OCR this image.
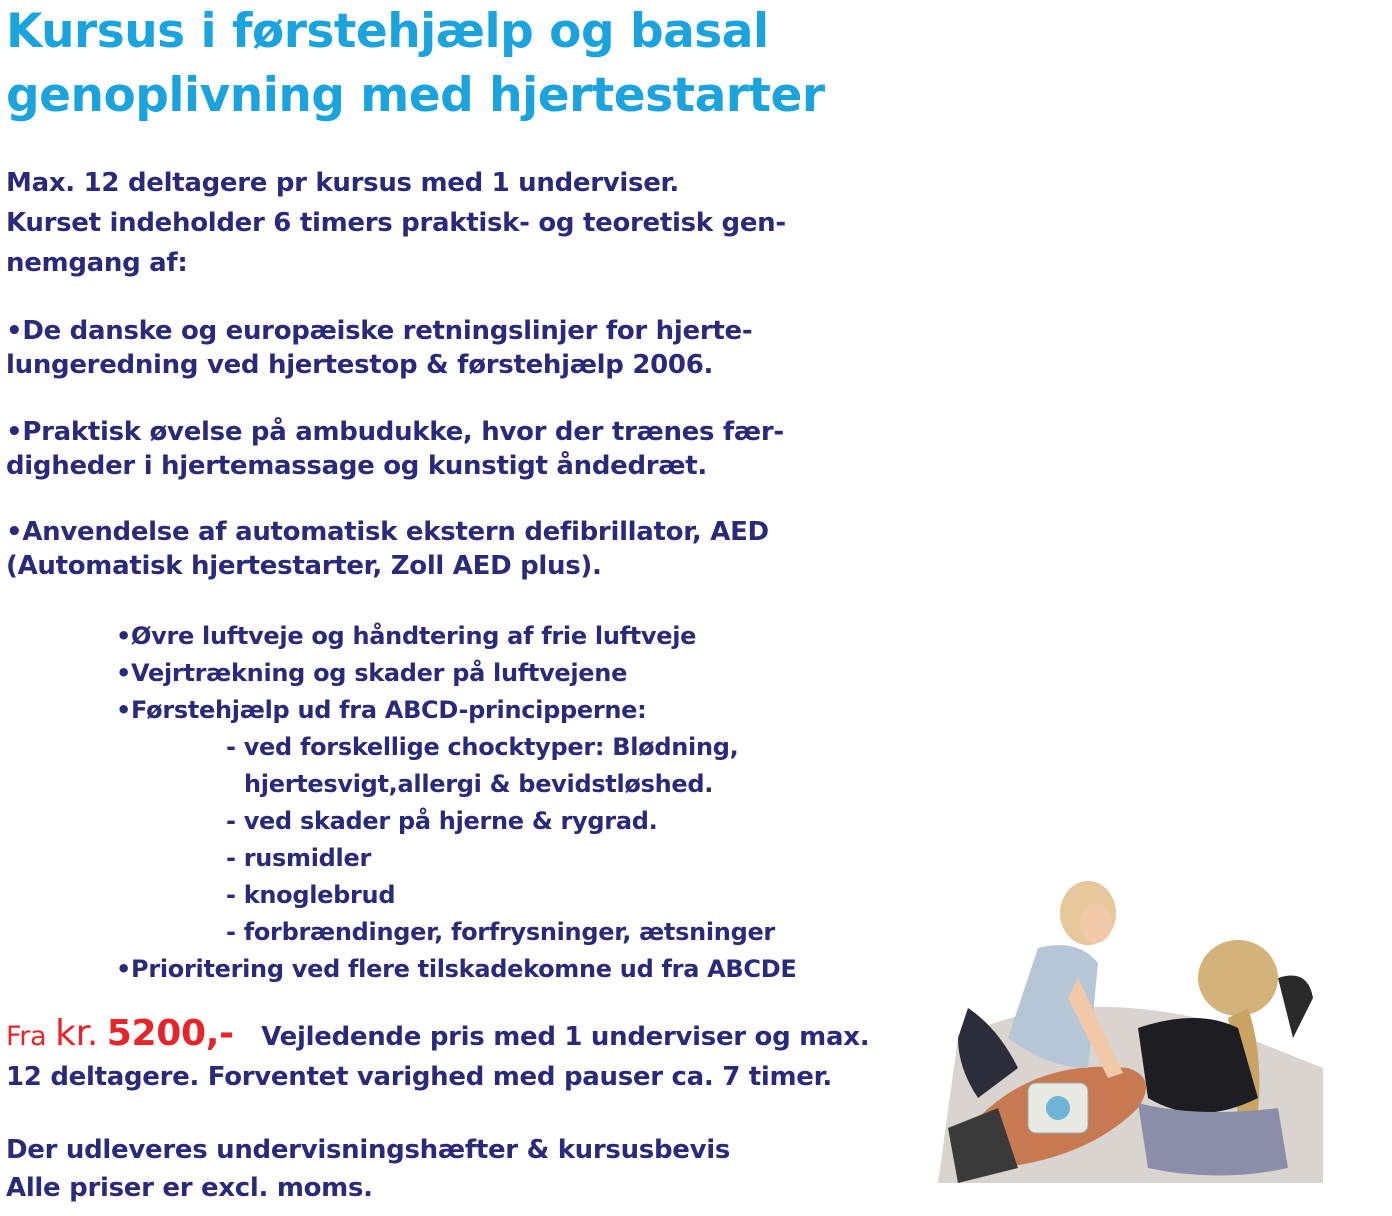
Kursus i førstehjælp og basal
genoplivning med hjertestarter
Max. 12 deltagere pr kursus med 1 underviser.
Kurset indeholder 6 timers praktisk- og teoretisk gen-
nemgang af:
•De danske og europæiske retningslinjer for hjerte-
lungeredning ved hjertestop & førstehjælp 2006.
•Praktisk øvelse på ambudukke, hvor der trænes fær-
digheder i hjertemassage og kunstigt åndedræt.
•Anvendelse af automatisk ekstern defibrillator, AED
(Automatisk hjertestarter, Zoll AED plus).
•Øvre luftveje og håndtering af frie luftveje
•Vejrtrækning og skader på luftvejene
•Førstehjælp ud fra ABCD-principperne:
- ved forskellige chocktyper: Blødning,
hjertesvigt,allergi & bevidstløshed.
- ved skader på hjerne & rygrad.
- rusmidler
- knoglebrud
- forbrændinger, forfrysninger, ætsninger
•Prioritering ved flere tilskadekomne ud fra ABCDE
Fra kr. 5200,- Vejledende pris med 1 underviser og max.
12 deltagere. Forventet varighed med pauser ca. 7 timer.
Der udleveres undervisningshæfter & kursusbevis
Alle priser er excl. moms.
